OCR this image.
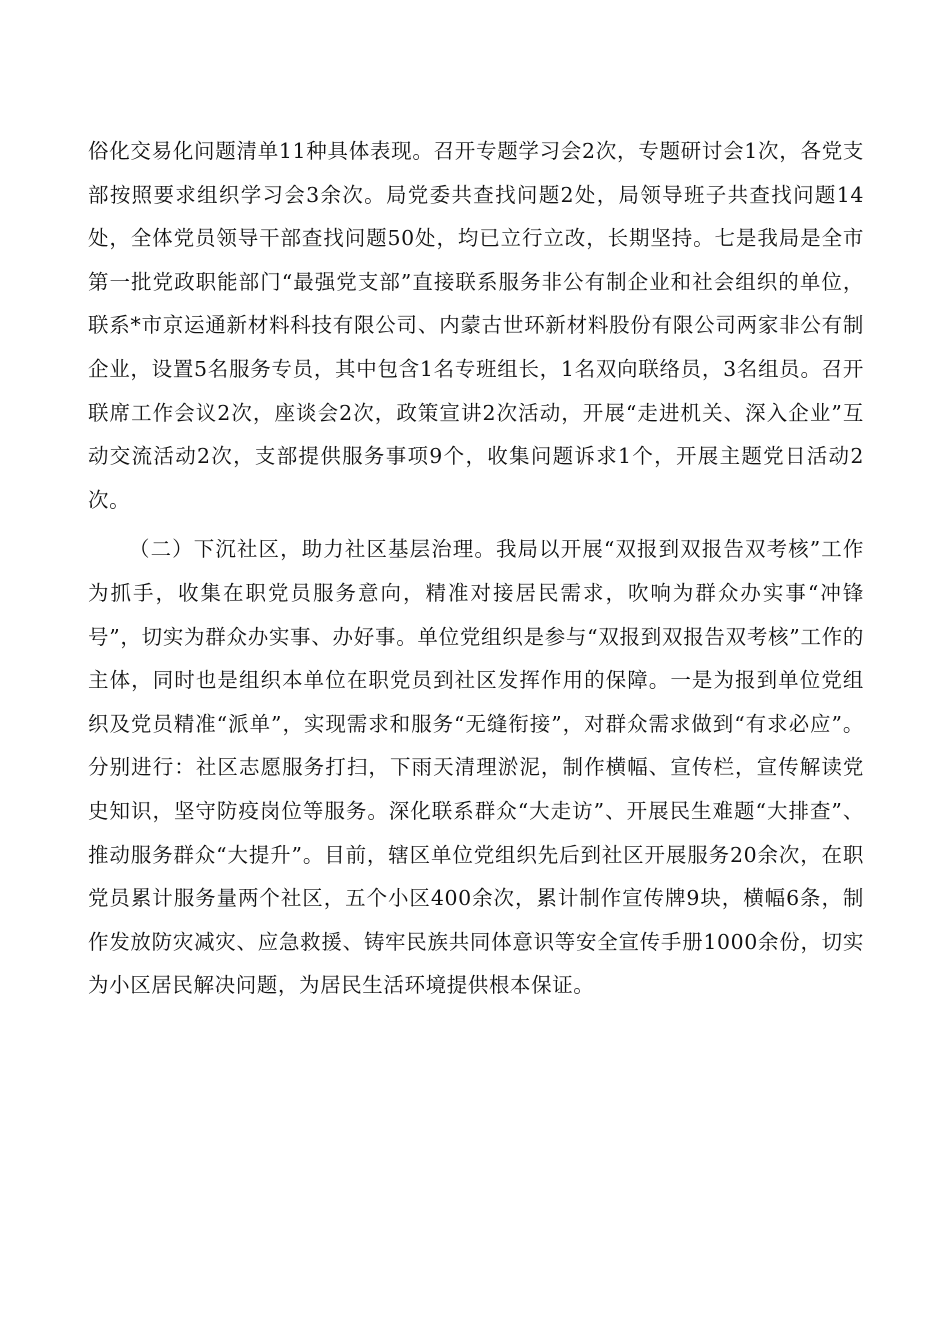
俗化交易化问题清单11种具体表现。召开专题学习会2次，专题研讨会1次，各党支部按照要求组织学习会3余次。局党委共查找问题2处，局领导班子共查找问题14处，全体党员领导干部查找问题50处，均已立行立改，长期坚持。七是我局是全市第一批党政职能部门“最强党支部”直接联系服务非公有制企业和社会组织的单位，联系*市京运通新材料科技有限公司、内蒙古世环新材料股份有限公司两家非公有制企业，设置5名服务专员，其中包含1名专班组长，1名双向联络员，3名组员。召开联席工作会议2次，座谈会2次，政策宣讲2次活动，开展“走进机关、深入企业”互动交流活动2次，支部提供服务事项9个，收集问题诉求1个，开展主题党日活动2次。

（二）下沉社区，助力社区基层治理。我局以开展“双报到双报告双考核”工作为抓手，收集在职党员服务意向，精准对接居民需求，吹响为群众办实事“冲锋号”，切实为群众办实事、办好事。单位党组织是参与“双报到双报告双考核”工作的主体，同时也是组织本单位在职党员到社区发挥作用的保障。一是为报到单位党组织及党员精准“派单”，实现需求和服务“无缝衔接”，对群众需求做到“有求必应”。分别进行：社区志愿服务打扫，下雨天清理淤泥，制作横幅、宣传栏，宣传解读党史知识，坚守防疫岗位等服务。深化联系群众“大走访”、开展民生难题“大排查”、推动服务群众“大提升”。目前，辖区单位党组织先后到社区开展服务20余次，在职党员累计服务量两个社区，五个小区400余次，累计制作宣传牌9块，横幅6条，制作发放防灾减灾、应急救援、铸牢民族共同体意识等安全宣传手册1000余份，切实为小区居民解决问题，为居民生活环境提供根本保证。
